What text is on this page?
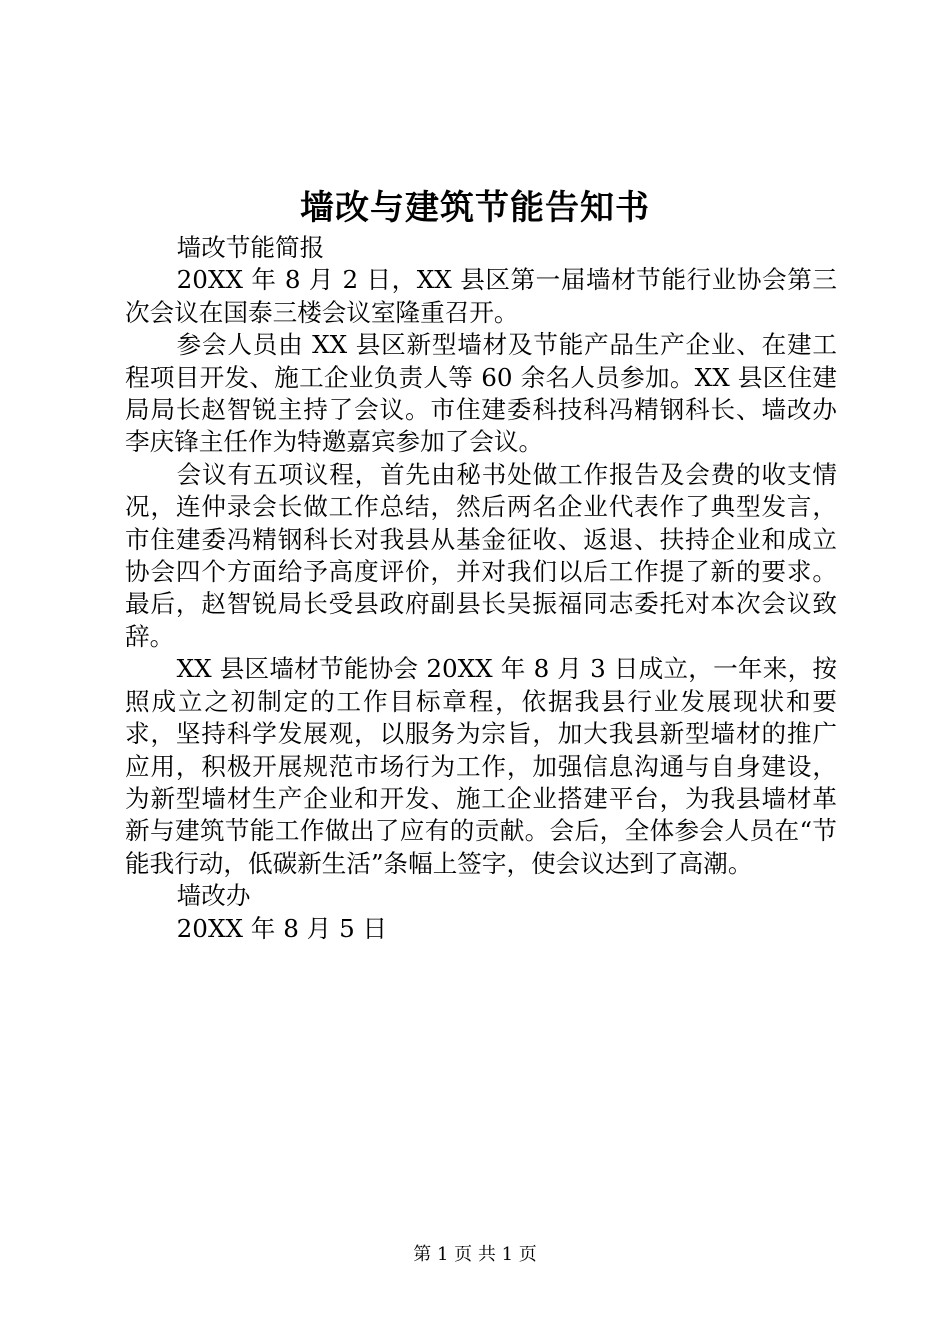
墙改与建筑节能告知书

墙改节能简报

20XX 年 8 月 2 日，XX 县区第一届墙材节能行业协会第三次会议在国泰三楼会议室隆重召开。

参会人员由 XX 县区新型墙材及节能产品生产企业、在建工程项目开发、施工企业负责人等 60 余名人员参加。XX 县区住建局局长赵智锐主持了会议。市住建委科技科冯精钢科长、墙改办李庆锋主任作为特邀嘉宾参加了会议。

会议有五项议程，首先由秘书处做工作报告及会费的收支情况，连仲录会长做工作总结，然后两名企业代表作了典型发言，市住建委冯精钢科长对我县从基金征收、返退、扶持企业和成立协会四个方面给予高度评价，并对我们以后工作提了新的要求。最后，赵智锐局长受县政府副县长吴振福同志委托对本次会议致辞。

XX 县区墙材节能协会 20XX 年 8 月 3 日成立，一年来，按照成立之初制定的工作目标章程，依据我县行业发展现状和要求，坚持科学发展观，以服务为宗旨，加大我县新型墙材的推广应用，积极开展规范市场行为工作，加强信息沟通与自身建设，为新型墙材生产企业和开发、施工企业搭建平台，为我县墙材革新与建筑节能工作做出了应有的贡献。会后，全体参会人员在“节能我行动，低碳新生活”条幅上签字，使会议达到了高潮。

墙改办

20XX 年 8 月 5 日

第 1 页 共 1 页
